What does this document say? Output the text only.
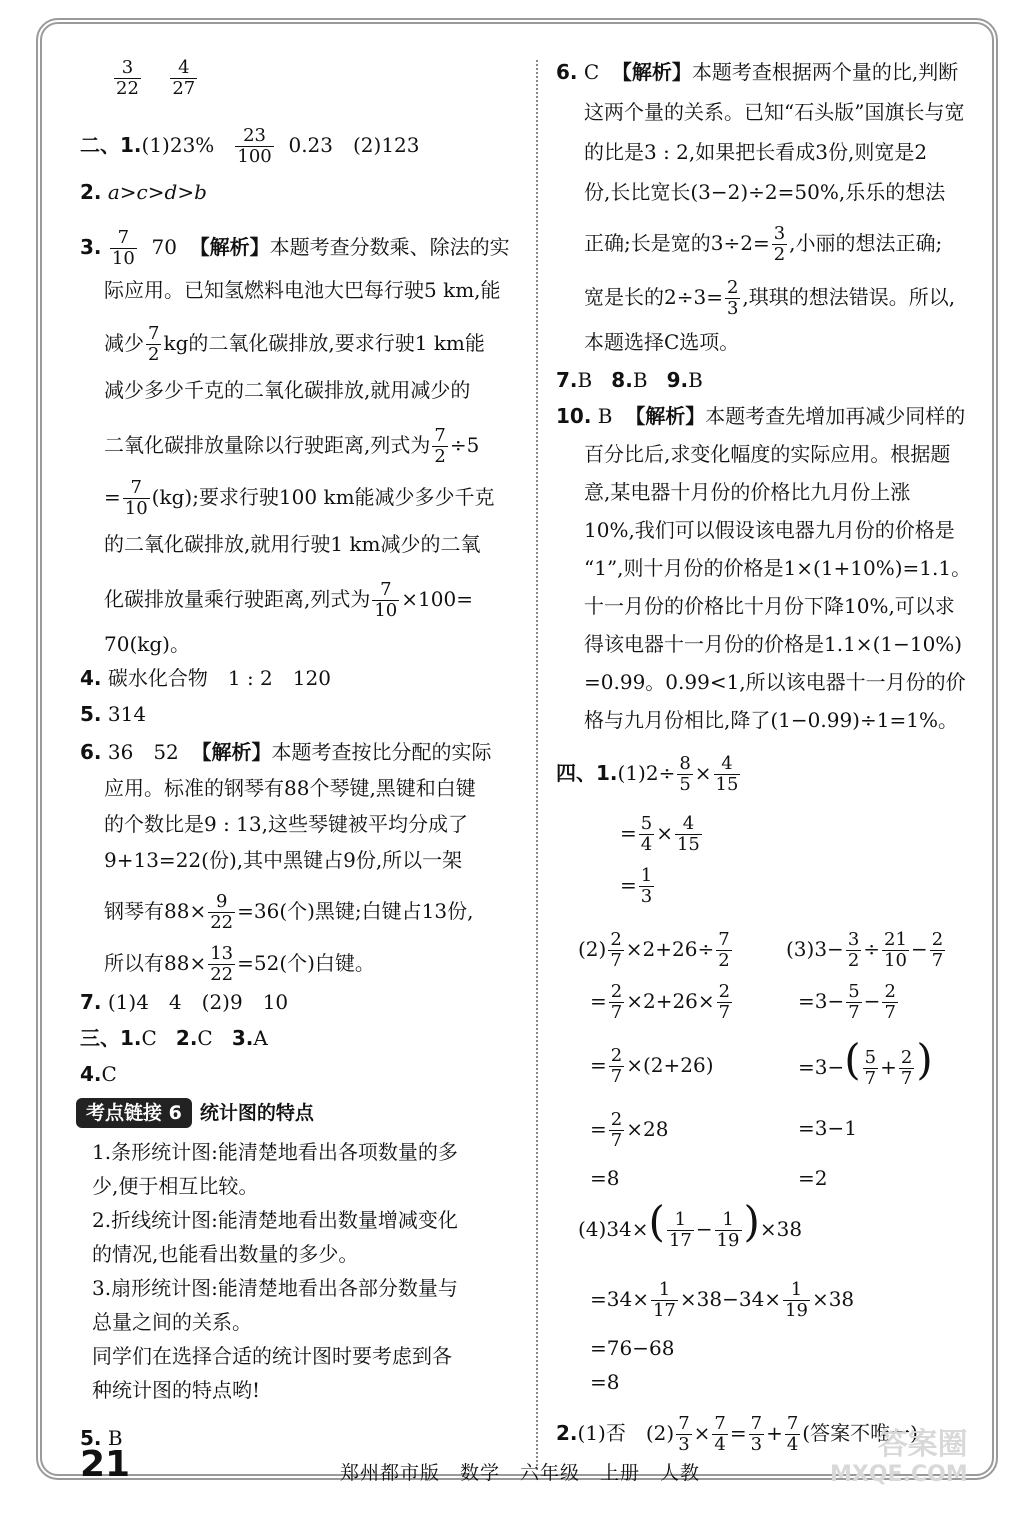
$\frac{3}{22}$
$\frac{4}{27}$
二、$1.(1)23\% \frac{23}{100} 0.23$　(2)123
2. a>c>d>b
3. $\frac{7}{10} 70$ 【解析】本题考查分数乘、除法的实
际应用。已知氢燃料电池大巴每行驶5 km,能
减少 $\frac{7}{2}$ kg的二氧化碳排放,要求行驶1 km能
减少多少千克的二氧化碳排放,就用减少的
二氧化碳排放量除以行驶距离,列式为 $\frac{7}{2} \div 5$
= $\frac{7}{10} (kg)$;要求行驶100 km能减少多少千克
的二氧化碳排放,就用行驶1 km减少的二氧
化碳排放量乘行驶距离,列式为 $\frac{7}{10} \times 100=$
70(kg)。
4. 碳水化合物　1 : 2　120
5. 314
6. 36　52 【解析】本题考查按比分配的实际
应用。标准的钢琴有88个琴键,黑键和白键
的个数比是9 : 13,这些琴键被平均分成了
9+13=22(份),其中黑键占9份,所以一架
钢琴有$88\times \frac{9}{22} =36$(个)黑键;白键占13份,
所以有$88\times \frac{13}{22} =52$(个)白键。
7. (1)4　4　(2)9　10
三、1.C 2.C 3.A
4.C
考点链接 6 统计图的特点
1.条形统计图:能清楚地看出各项数量的多
少,便于相互比较。
2.折线统计图:能清楚地看出数量增减变化
的情况,也能看出数量的多少。
3.扇形统计图:能清楚地看出各部分数量与
总量之间的关系。
同学们在选择合适的统计图时要考虑到各
种统计图的特点哟!
5. B
6. C 【解析】本题考查根据两个量的比,判断
这两个量的关系。已知“石头版”国旗长与宽
的比是3 : 2,如果把长看成3份,则宽是2
份,长比宽长(3−2)÷2=50%,乐乐的想法
正确;长是宽的$3\div 2= \frac{3}{2}$ ,小丽的想法正确;
宽是长的$2\div 3= \frac{2}{3}$ ,琪琪的想法错误。所以,
本题选择C选项。
7.B 8.B 9.B
10. B 【解析】本题考查先增加再减少同样的
百分比后,求变化幅度的实际应用。根据题
意,某电器十月份的价格比九月份上涨
10%,我们可以假设该电器九月份的价格是
“1”,则十月份的价格是1×(1+10%)=1.1。
十一月份的价格比十月份下降10%,可以求
得该电器十一月份的价格是1.1×(1−10%)
=0.99。0.99<1,所以该电器十一月份的价
格与九月份相比,降了(1−0.99)÷1=1%。
四、$1.(1)2\div \frac{8}{5} \times \frac{4}{15}$
= $\frac{5}{4} \times \frac{4}{15}$
= $\frac{1}{3}$
$(2) \frac{2}{7} \times 2+26\div \frac{7}{2}$
= $\frac{2}{7} \times 2+26\times \frac{2}{7}$
= $\frac{2}{7} \times(2+26)$
= $\frac{2}{7} \times 28$
=8
$(3)3- \frac{3}{2} \div \frac{21}{10} - \frac{2}{7}$
$=3- \frac{5}{7} - \frac{2}{7}$
$=3-( \frac{5}{7} + \frac{2}{7}$ )
=3−1
=2
$(4)34\times( \frac{1}{17} - \frac{1}{19} )\times 38$
$=34\times \frac{1}{17} \times 38-34\times \frac{1}{19} \times 38$
=76−68
=8
2.(1)否　$(2) \frac{7}{3} \times \frac{7}{4} = \frac{7}{3} + \frac{7}{4}$ (答案不唯一)
21	郑州都市版　数学　六年级　上册　人教
答案圈
MXQE.COM
